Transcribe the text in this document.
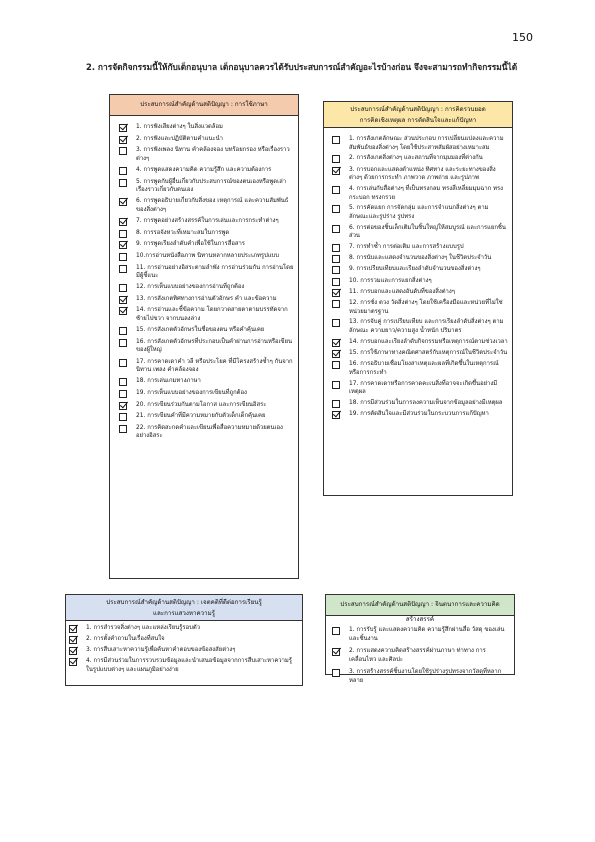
150
2. การจัดกิจกรรมนี้ให้กับเด็กอนุบาล เด็กอนุบาลควรได้รับประสบการณ์สำคัญอะไรบ้างก่อน จึงจะสามารถทำกิจกรรมนี้ได้
ประสบการณ์สำคัญด้านสติปัญญา : การใช้ภาษา
1. การฟังเสียงต่างๆ ในสิ่งแวดล้อม
2. การฟังและปฏิบัติตามคำแนะนำ
3. การฟังเพลง นิทาน คำคล้องจอง บทร้อยกรอง หรือเรื่องราวต่างๆ
4. การพูดแสดงความคิด ความรู้สึก และความต้องการ
5. การพูดกับผู้อื่นเกี่ยวกับประสบการณ์ของตนเองหรือพูดเล่าเรื่องราวเกี่ยวกับตนเอง
6. การพูดอธิบายเกี่ยวกับสิ่งของ เหตุการณ์ และความสัมพันธ์ของสิ่งต่างๆ
7. การพูดอย่างสร้างสรรค์ในการเล่นและการกระทำต่างๆ
8. การรอจังหวะที่เหมาะสมในการพูด
9. การพูดเรียงลำดับคำเพื่อใช้ในการสื่อสาร
10.การอ่านหนังสือภาพ นิทานหลากหลายประเภทรูปแบบ
11. การอ่านอย่างอิสระตามลำพัง การอ่านร่วมกัน การอ่านโดยมีผู้ชี้แนะ
12. การเห็นแบบอย่างของการอ่านที่ถูกต้อง
13. การสังเกตทิศทางการอ่านตัวอักษร คำ และข้อความ
14. การอ่านและชี้ข้อความ โดยกวาดสายตาตามบรรทัดจากซ้ายไปขวา จากบนลงล่าง
15. การสังเกตตัวอักษรในชื่อของตน หรือคำคุ้นเคย
16. การสังเกตตัวอักษรที่ประกอบเป็นคำผ่านการอ่านหรือเขียนของผู้ใหญ่
17. การคาดเดาคำ วลี หรือประโยค ที่มีโครงสร้างซ้ำๆ กันจากนิทาน เพลง คำคล้องจอง
18. การเล่นเกมทางภาษา
19. การเห็นแบบอย่างของการเขียนที่ถูกต้อง
20. การเขียนร่วมกันตามโอกาส และการเขียนอิสระ
21. การเขียนคำที่มีความหมายกับตัวเด็กเด็กคุ้นเคย
22. การคิดสะกดคำและเขียนเพื่อสื่อความหมายด้วยตนเองอย่างอิสระ
ประสบการณ์สำคัญด้านสติปัญญา : การคิดรวบยอด
การคิดเชิงเหตุผล การตัดสินใจและแก้ปัญหา
1. การสังเกตลักษณะ ส่วนประกอบ การเปลี่ยนแปลงและความสัมพันธ์ของสิ่งต่างๆ โดยใช้ประสาทสัมผัสอย่างเหมาะสม
2. การสังเกตสิ่งต่างๆ และสถานที่จากมุมมองที่ต่างกัน
3. การบอกและแสดงตำแหน่ง ทิศทาง และระยะทางของสิ่งต่างๆ ด้วยการกระทำ ภาพวาด ภาพถ่าย และรูปภาพ
4. การเล่นกับสื่อต่างๆ ที่เป็นทรงกลม ทรงสี่เหลี่ยมมุมฉาก ทรงกระบอก ทรงกรวย
5. การคัดแยก การจัดกลุ่ม และการจำแนกสิ่งต่างๆ ตามลักษณะและรูปร่าง รูปทรง
6. การต่อของชิ้นเล็กเติมในชิ้นใหญ่ให้สมบูรณ์ และการแยกชิ้นส่วน
7. การทำซ้ำ การต่อเติม และการสร้างแบบรูป
8. การนับและแสดงจำนวนของสิ่งต่างๆ ในชีวิตประจำวัน
9. การเปรียบเทียบและเรียงลำดับจำนวนของสิ่งต่างๆ
10. การรวมและการแยกสิ่งต่างๆ
11. การบอกและแสดงอันดับที่ของสิ่งต่างๆ
12. การชั่ง ตวง วัดสิ่งต่างๆ โดยใช้เครื่องมือและหน่วยที่ไม่ใช่หน่วยมาตรฐาน
13. การจับคู่ การเปรียบเทียบ และการเรียงลำดับสิ่งต่างๆ ตามลักษณะ ความยาว/ความสูง น้ำหนัก ปริมาตร
14. การบอกและเรียงลำดับกิจกรรมหรือเหตุการณ์ตามช่วงเวลา
15. การใช้ภาษาทางคณิตศาสตร์กับเหตุการณ์ในชีวิตประจำวัน
16. การอธิบายเชื่อมโยงสาเหตุและผลที่เกิดขึ้นในเหตุการณ์หรือการกระทำ
17. การคาดเดาหรือการคาดคะเนสิ่งที่อาจจะเกิดขึ้นอย่างมีเหตุผล
18. การมีส่วนร่วมในการลงความเห็นจากข้อมูลอย่างมีเหตุผล
19. การตัดสินใจและมีส่วนร่วมในกระบวนการแก้ปัญหา
ประสบการณ์สำคัญด้านสติปัญญา : เจตคติที่ดีต่อการเรียนรู้
และการแสวงหาความรู้
1. การสำรวจสิ่งต่างๆ และแหล่งเรียนรู้รอบตัว
2. การตั้งคำถามในเรื่องที่สนใจ
3. การสืบเสาะหาความรู้เพื่อค้นหาคำตอบของข้อสงสัยต่างๆ
4. การมีส่วนร่วมในการรวบรวมข้อมูลและนำเสนอข้อมูลจากการสืบเสาะหาความรู้ในรูปแบบต่างๆ และแผนภูมิอย่างง่าย
ประสบการณ์สำคัญด้านสติปัญญา : จินตนาการและความคิดสร้างสรรค์
1. การรับรู้ และแสดงความคิด ความรู้สึกผ่านสื่อ วัสดุ ของเล่น และชิ้นงาน
2. การแสดงความคิดสร้างสรรค์ผ่านภาษา ท่าทาง การเคลื่อนไหว และศิลปะ
3. การสร้างสรรค์ชิ้นงานโดยใช้รูปร่างรูปทรงจากวัสดุที่หลากหลาย
